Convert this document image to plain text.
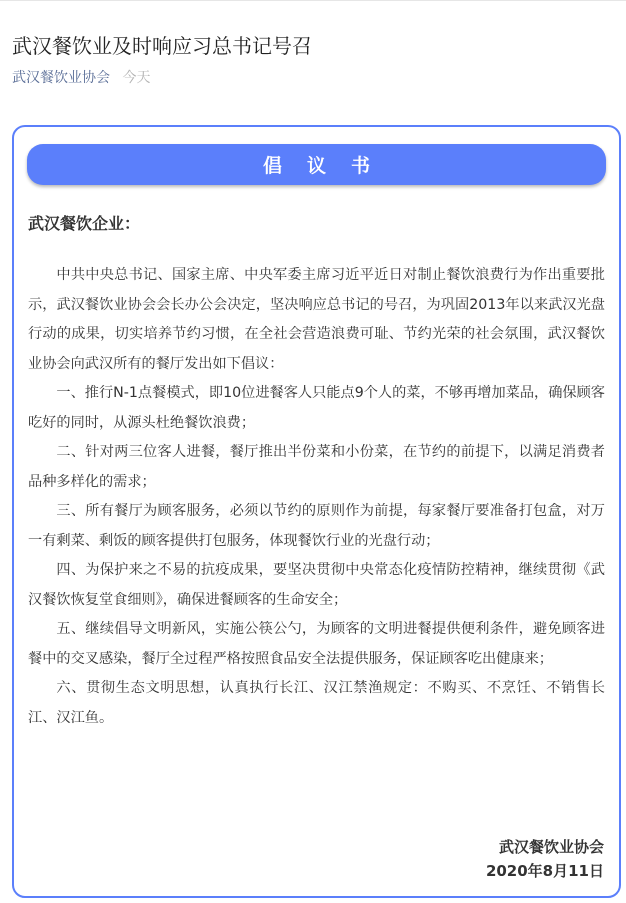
武汉餐饮业及时响应习总书记号召
武汉餐饮业协会 今天
倡议书
武汉餐饮企业：

中共中央总书记、国家主席、中央军委主席习近平近日对制止餐饮浪费行为作出重要批示，武汉餐饮业协会会长办公会决定，坚决响应总书记的号召，为巩固2013年以来武汉光盘行动的成果，切实培养节约习惯，在全社会营造浪费可耻、节约光荣的社会氛围，武汉餐饮业协会向武汉所有的餐厅发出如下倡议：

一、推行N-1点餐模式，即10位进餐客人只能点9个人的菜，不够再增加菜品，确保顾客吃好的同时，从源头杜绝餐饮浪费；

二、针对两三位客人进餐，餐厅推出半份菜和小份菜，在节约的前提下，以满足消费者品种多样化的需求；

三、所有餐厅为顾客服务，必须以节约的原则作为前提，每家餐厅要准备打包盒，对万一有剩菜、剩饭的顾客提供打包服务，体现餐饮行业的光盘行动；

四、为保护来之不易的抗疫成果，要坚决贯彻中央常态化疫情防控精神，继续贯彻《武汉餐饮恢复堂食细则》，确保进餐顾客的生命安全；

五、继续倡导文明新风，实施公筷公勺，为顾客的文明进餐提供便利条件，避免顾客进餐中的交叉感染，餐厅全过程严格按照食品安全法提供服务，保证顾客吃出健康来；

六、贯彻生态文明思想，认真执行长江、汉江禁渔规定：不购买、不烹饪、不销售长江、汉江鱼。

武汉餐饮业协会
2020年8月11日
